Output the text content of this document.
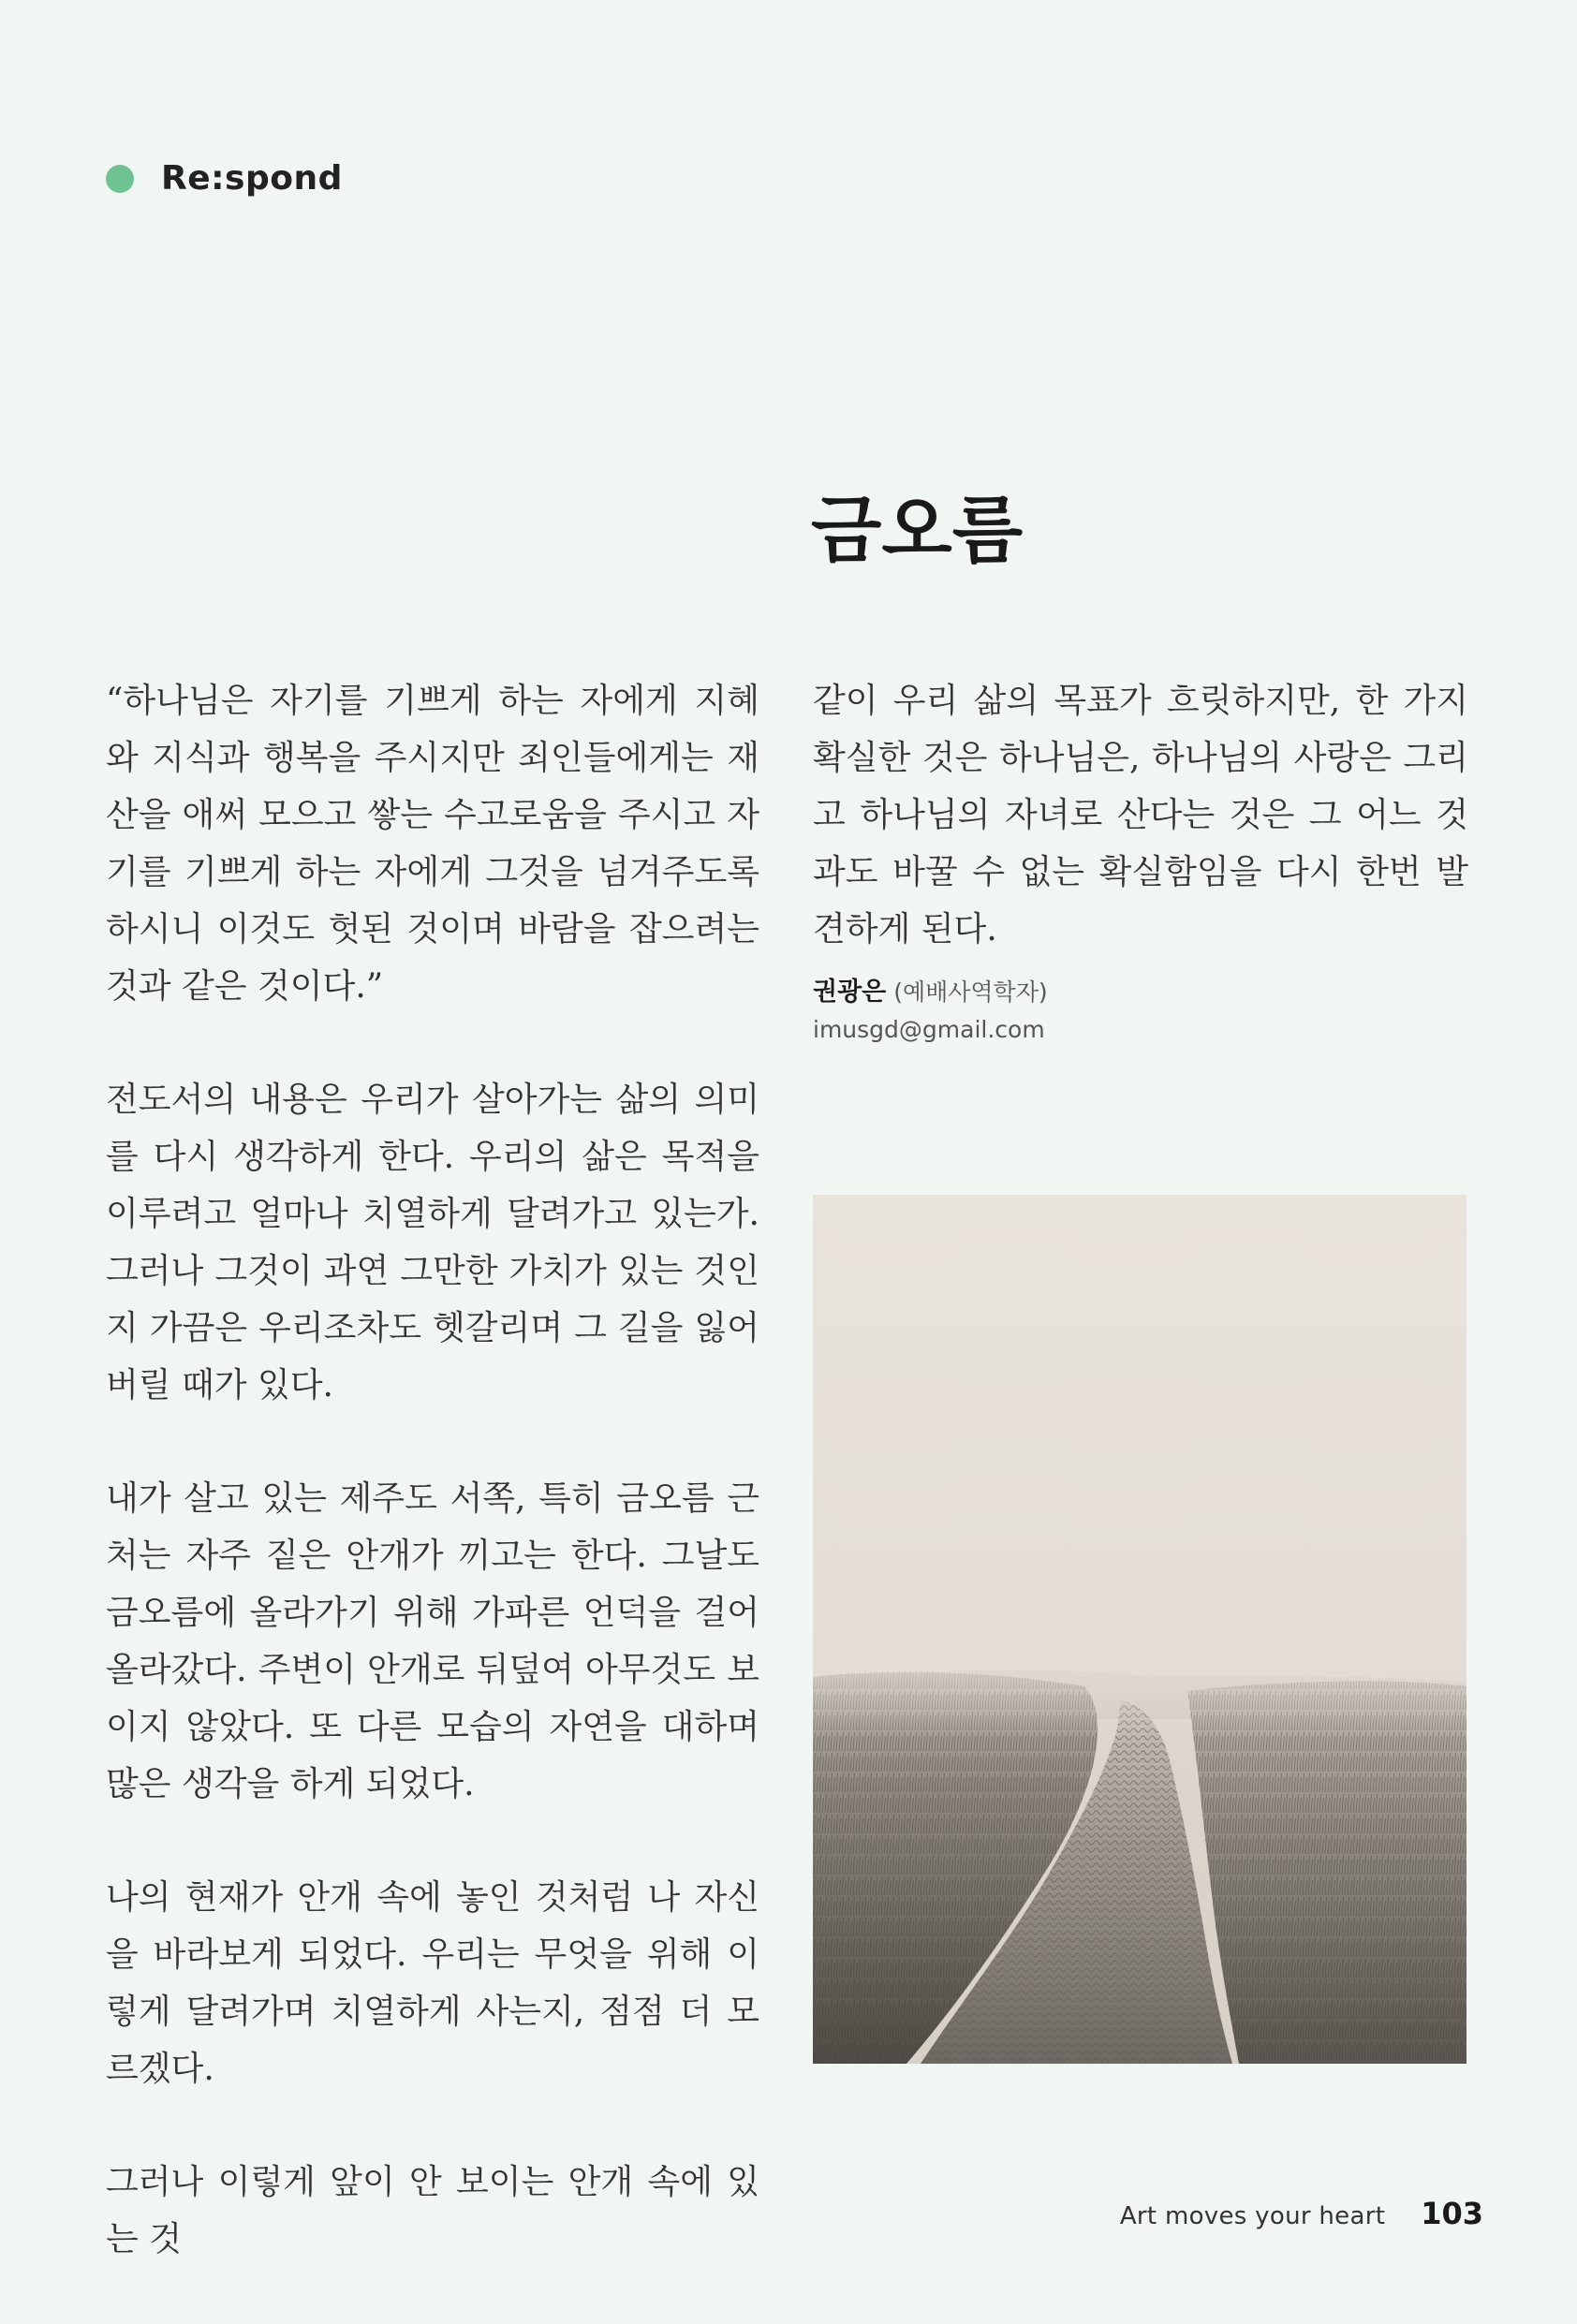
Re:spond
금오름

“하나님은 자기를 기쁘게 하는 자에게 지혜와 지식과 행복을 주시지만 죄인들에게는 재산을 애써 모으고 쌓는 수고로움을 주시고 자기를 기쁘게 하는 자에게 그것을 넘겨주도록 하시니 이것도 헛된 것이며 바람을 잡으려는 것과 같은 것이다.”

전도서의 내용은 우리가 살아가는 삶의 의미를 다시 생각하게 한다. 우리의 삶은 목적을 이루려고 얼마나 치열하게 달려가고 있는가. 그러나 그것이 과연 그만한 가치가 있는 것인지 가끔은 우리조차도 헷갈리며 그 길을 잃어버릴 때가 있다.

내가 살고 있는 제주도 서쪽, 특히 금오름 근처는 자주 짙은 안개가 끼고는 한다. 그날도 금오름에 올라가기 위해 가파른 언덕을 걸어 올라갔다. 주변이 안개로 뒤덮여 아무것도 보이지 않았다. 또 다른 모습의 자연을 대하며 많은 생각을 하게 되었다.

나의 현재가 안개 속에 놓인 것처럼 나 자신을 바라보게 되었다. 우리는 무엇을 위해 이렇게 달려가며 치열하게 사는지, 점점 더 모르겠다.

그러나 이렇게 앞이 안 보이는 안개 속에 있는 것

같이 우리 삶의 목표가 흐릿하지만, 한 가지 확실한 것은 하나님은, 하나님의 사랑은 그리고 하나님의 자녀로 산다는 것은 그 어느 것과도 바꿀 수 없는 확실함임을 다시 한번 발견하게 된다.

권광은 (예배사역학자)
imusgd@gmail.com
Art moves your heart 103
